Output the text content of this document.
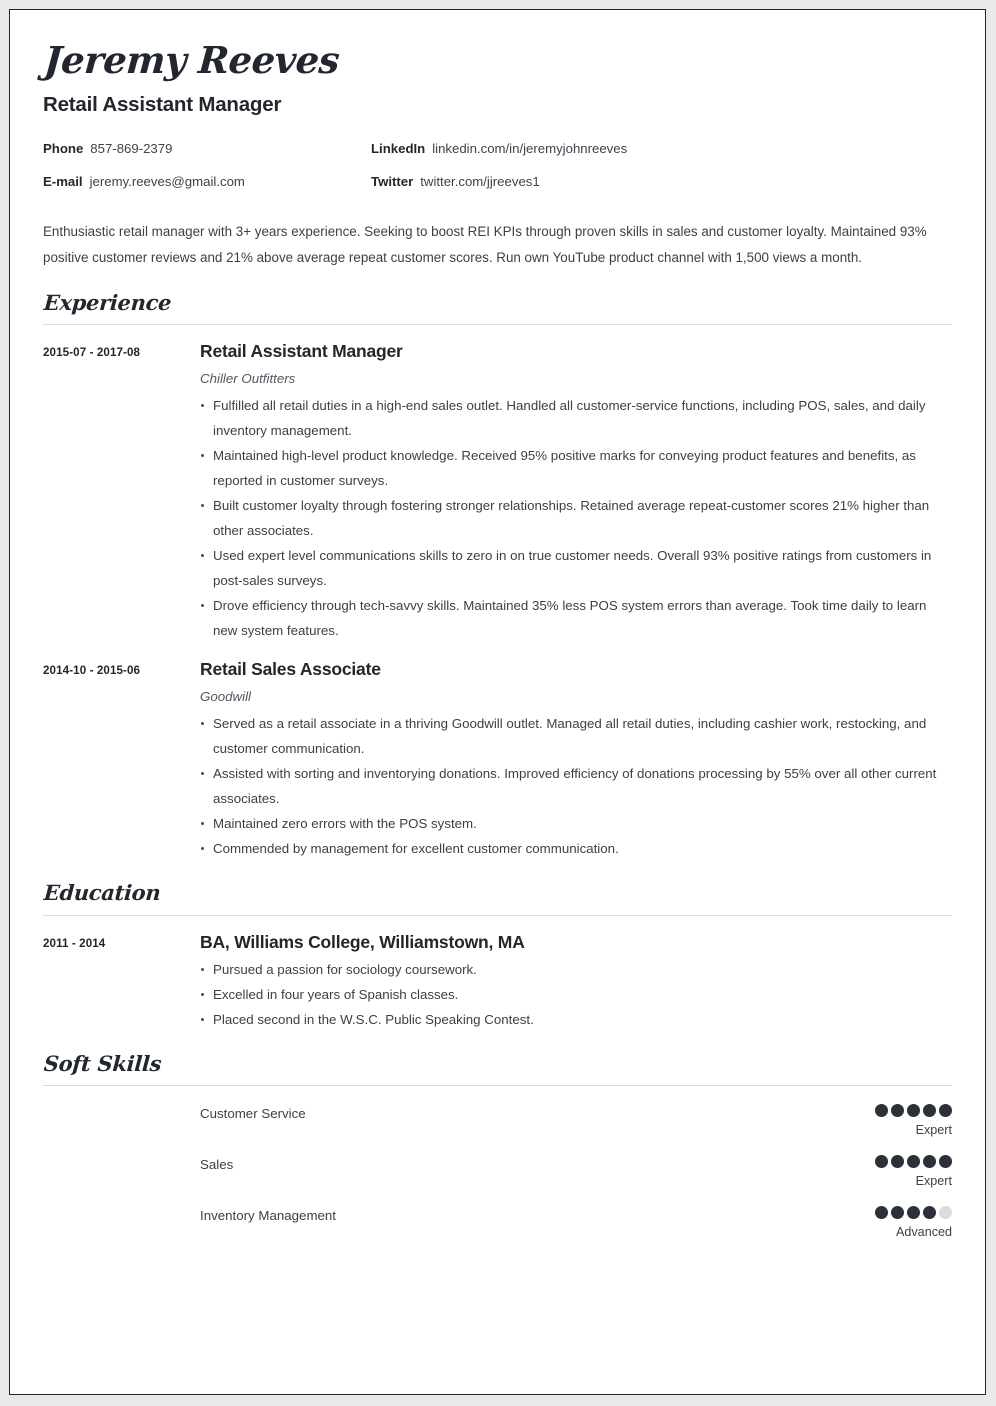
Jeremy Reeves
Retail Assistant Manager
Phone 857-869-2379	LinkedIn linkedin.com/in/jeremyjohnreeves
E-mail jeremy.reeves@gmail.com	Twitter twitter.com/jjreeves1

Enthusiastic retail manager with 3+ years experience. Seeking to boost REI KPIs through proven skills in sales and customer loyalty. Maintained 93% positive customer reviews and 21% above average repeat customer scores. Run own YouTube product channel with 1,500 views a month.

Experience
2015-07 - 2017-08	Retail Assistant Manager
Chiller Outfitters
Fulfilled all retail duties in a high-end sales outlet. Handled all customer-service functions, including POS, sales, and daily inventory management.
Maintained high-level product knowledge. Received 95% positive marks for conveying product features and benefits, as reported in customer surveys.
Built customer loyalty through fostering stronger relationships. Retained average repeat-customer scores 21% higher than other associates.
Used expert level communications skills to zero in on true customer needs. Overall 93% positive ratings from customers in post-sales surveys.
Drove efficiency through tech-savvy skills. Maintained 35% less POS system errors than average. Took time daily to learn new system features.
2014-10 - 2015-06	Retail Sales Associate
Goodwill
Served as a retail associate in a thriving Goodwill outlet. Managed all retail duties, including cashier work, restocking, and customer communication.
Assisted with sorting and inventorying donations. Improved efficiency of donations processing by 55% over all other current associates.
Maintained zero errors with the POS system.
Commended by management for excellent customer communication.
Education
2011 - 2014	BA, Williams College, Williamstown, MA
Pursued a passion for sociology coursework.
Excelled in four years of Spanish classes.
Placed second in the W.S.C. Public Speaking Contest.
Soft Skills
Customer Service
Expert
Sales
Expert
Inventory Management
Advanced
